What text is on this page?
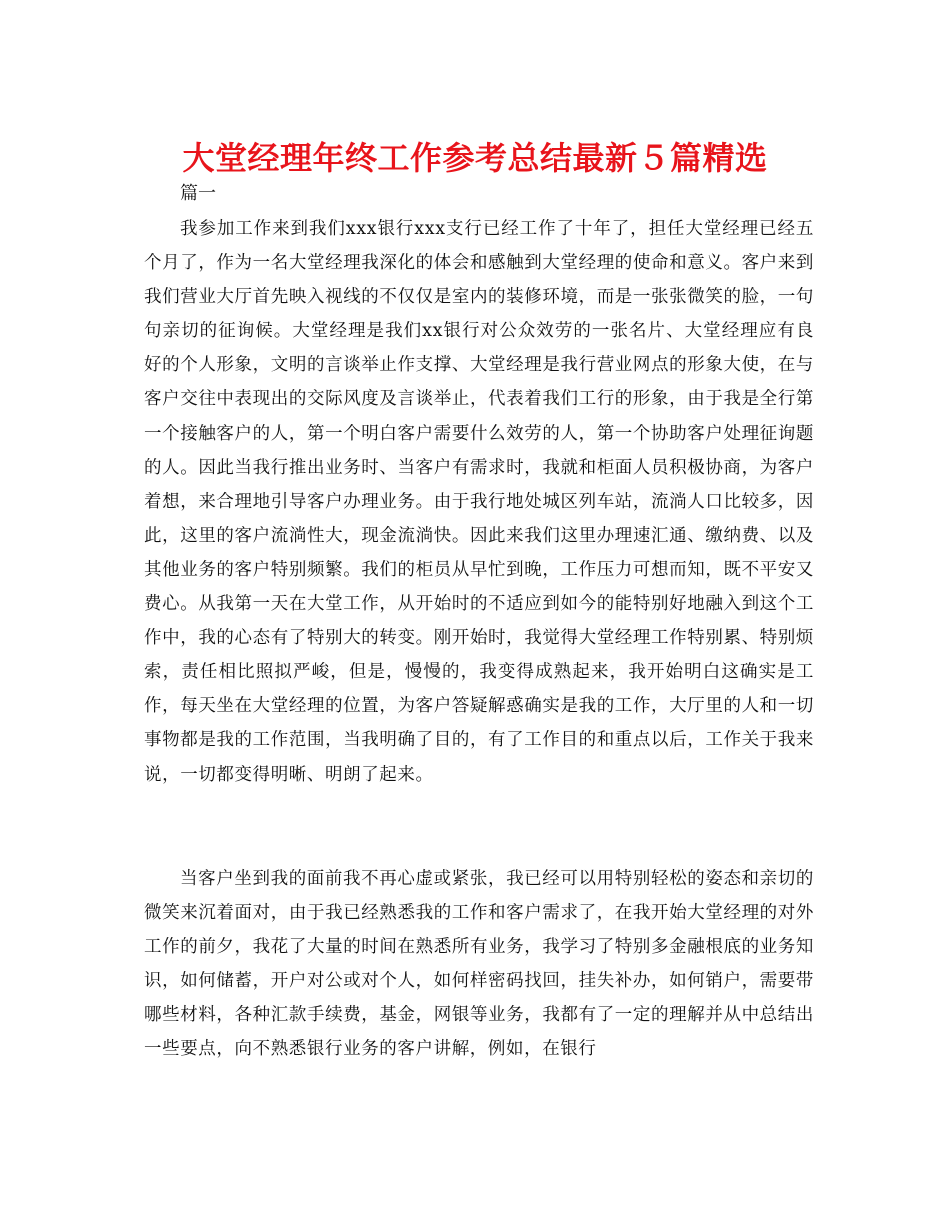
大堂经理年终工作参考总结最新５篇精选

篇一

我参加工作来到我们xxx银行xxx支行已经工作了十年了，担任大堂经理已经五个月了，作为一名大堂经理我深化的体会和感触到大堂经理的使命和意义。客户来到我们营业大厅首先映入视线的不仅仅是室内的装修环境，而是一张张微笑的脸，一句句亲切的征询候。大堂经理是我们xx银行对公众效劳的一张名片、大堂经理应有良好的个人形象，文明的言谈举止作支撑、大堂经理是我行营业网点的形象大使，在与客户交往中表现出的交际风度及言谈举止，代表着我们工行的形象，由于我是全行第一个接触客户的人，第一个明白客户需要什么效劳的人，第一个协助客户处理征询题的人。因此当我行推出业务时、当客户有需求时，我就和柜面人员积极协商，为客户着想，来合理地引导客户办理业务。由于我行地处城区列车站，流淌人口比较多，因此，这里的客户流淌性大，现金流淌快。因此来我们这里办理速汇通、缴纳费、以及其他业务的客户特别频繁。我们的柜员从早忙到晚，工作压力可想而知，既不平安又费心。从我第一天在大堂工作，从开始时的不适应到如今的能特别好地融入到这个工作中，我的心态有了特别大的转变。刚开始时，我觉得大堂经理工作特别累、特别烦索，责任相比照拟严峻，但是，慢慢的，我变得成熟起来，我开始明白这确实是工作，每天坐在大堂经理的位置，为客户答疑解惑确实是我的工作，大厅里的人和一切事物都是我的工作范围，当我明确了目的，有了工作目的和重点以后，工作关于我来说，一切都变得明晰、明朗了起来。

当客户坐到我的面前我不再心虚或紧张，我已经可以用特别轻松的姿态和亲切的微笑来沉着面对，由于我已经熟悉我的工作和客户需求了，在我开始大堂经理的对外工作的前夕，我花了大量的时间在熟悉所有业务，我学习了特别多金融根底的业务知识，如何储蓄，开户对公或对个人，如何样密码找回，挂失补办，如何销户，需要带哪些材料，各种汇款手续费，基金，网银等业务，我都有了一定的理解并从中总结出一些要点，向不熟悉银行业务的客户讲解，例如，在银行
